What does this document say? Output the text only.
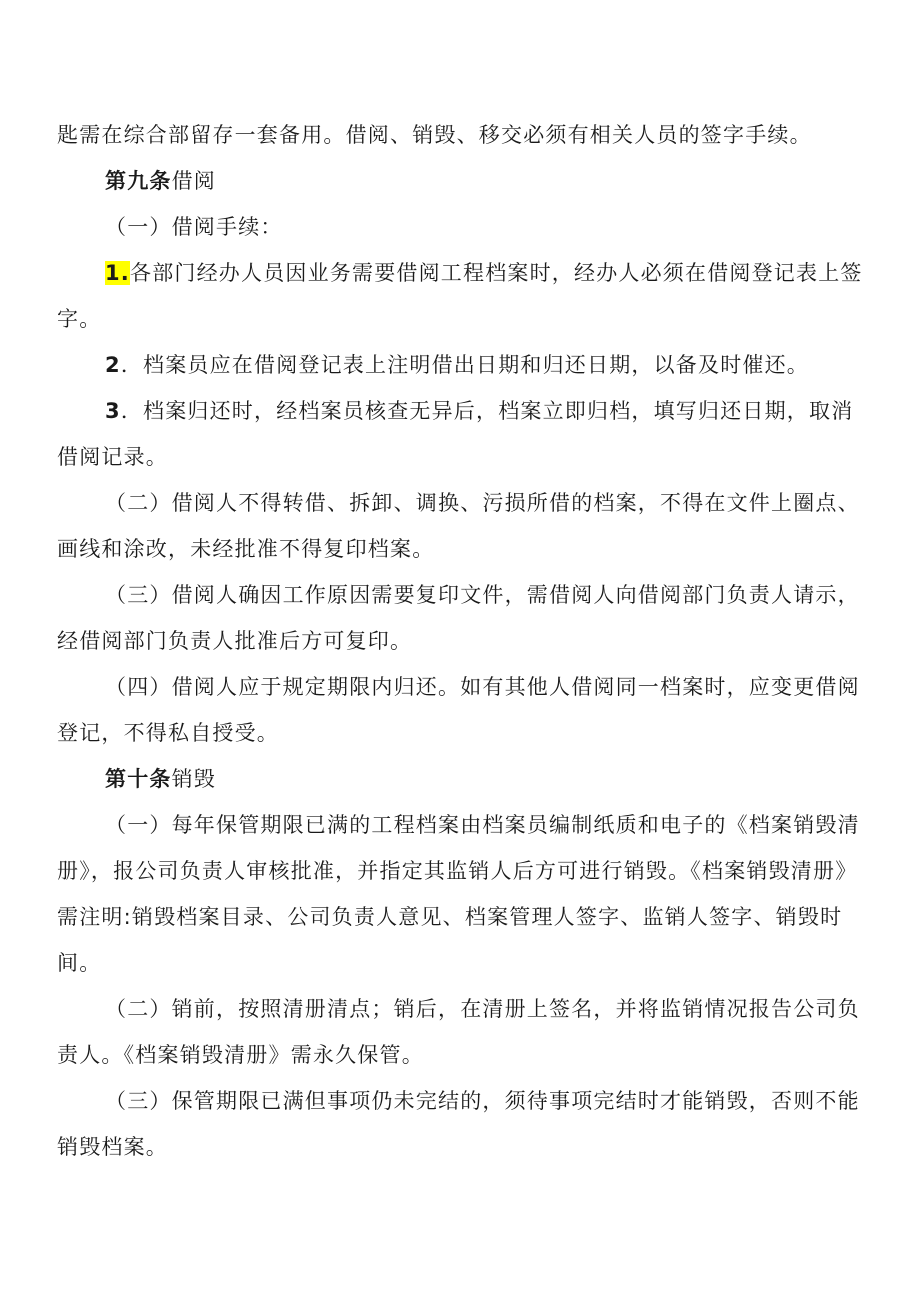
匙需在综合部留存一套备用。借阅、销毁、移交必须有相关人员的签字手续。

第九条借阅

（一）借阅手续：

1.各部门经办人员因业务需要借阅工程档案时，经办人必须在借阅登记表上签字。

2．档案员应在借阅登记表上注明借出日期和归还日期，以备及时催还。

3．档案归还时，经档案员核查无异后，档案立即归档，填写归还日期，取消借阅记录。

（二）借阅人不得转借、拆卸、调换、污损所借的档案，不得在文件上圈点、画线和涂改，未经批准不得复印档案。

（三）借阅人确因工作原因需要复印文件，需借阅人向借阅部门负责人请示，经借阅部门负责人批准后方可复印。

（四）借阅人应于规定期限内归还。如有其他人借阅同一档案时，应变更借阅登记，不得私自授受。

第十条销毁

（一）每年保管期限已满的工程档案由档案员编制纸质和电子的《档案销毁清册》，报公司负责人审核批准，并指定其监销人后方可进行销毁。《档案销毁清册》需注明:销毁档案目录、公司负责人意见、档案管理人签字、监销人签字、销毁时间。

（二）销前，按照清册清点；销后，在清册上签名，并将监销情况报告公司负责人。《档案销毁清册》需永久保管。

（三）保管期限已满但事项仍未完结的，须待事项完结时才能销毁，否则不能销毁档案。
